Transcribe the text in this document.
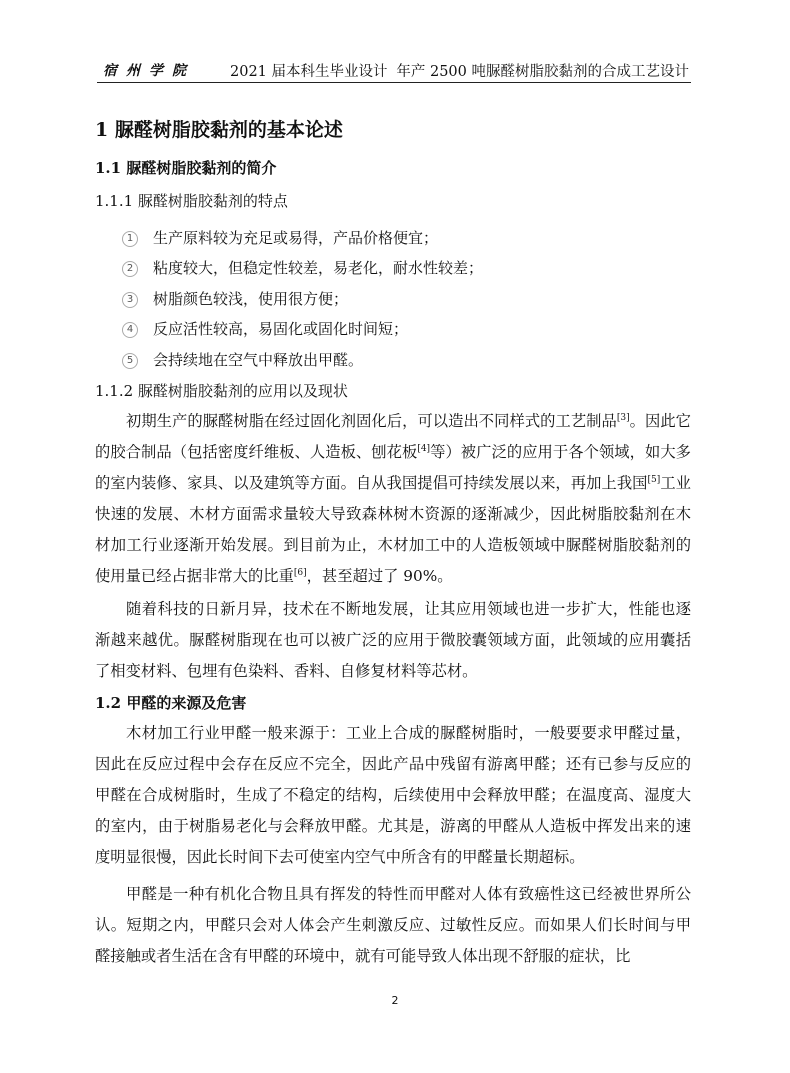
宿州学院 2021 届本科生毕业设计 年产 2500 吨脲醛树脂胶黏剂的合成工艺设计
1 脲醛树脂胶黏剂的基本论述
1.1 脲醛树脂胶黏剂的简介
1.1.1 脲醛树脂胶黏剂的特点
1	生产原料较为充足或易得，产品价格便宜；
2	粘度较大，但稳定性较差，易老化，耐水性较差；
3	树脂颜色较浅，使用很方便；
4	反应活性较高，易固化或固化时间短；
5	会持续地在空气中释放出甲醛。
1.1.2 脲醛树脂胶黏剂的应用以及现状

初期生产的脲醛树脂在经过固化剂固化后，可以造出不同样式的工艺制品[3]。因此它的胶合制品（包括密度纤维板、人造板、刨花板[4]等）被广泛的应用于各个领域，如大多的室内装修、家具、以及建筑等方面。自从我国提倡可持续发展以来，再加上我国[5]工业快速的发展、木材方面需求量较大导致森林树木资源的逐渐减少，因此树脂胶黏剂在木材加工行业逐渐开始发展。到目前为止，木材加工中的人造板领域中脲醛树脂胶黏剂的使用量已经占据非常大的比重[6]，甚至超过了 90%。

随着科技的日新月异，技术在不断地发展，让其应用领域也进一步扩大，性能也逐渐越来越优。脲醛树脂现在也可以被广泛的应用于微胶囊领域方面，此领域的应用囊括了相变材料、包埋有色染料、香料、自修复材料等芯材。

1.2 甲醛的来源及危害

木材加工行业甲醛一般来源于：工业上合成的脲醛树脂时，一般要要求甲醛过量，因此在反应过程中会存在反应不完全，因此产品中残留有游离甲醛；还有已参与反应的甲醛在合成树脂时，生成了不稳定的结构，后续使用中会释放甲醛；在温度高、湿度大的室内，由于树脂易老化与会释放甲醛。尤其是，游离的甲醛从人造板中挥发出来的速度明显很慢，因此长时间下去可使室内空气中所含有的甲醛量长期超标。

甲醛是一种有机化合物且具有挥发的特性而甲醛对人体有致癌性这已经被世界所公认。短期之内，甲醛只会对人体会产生刺激反应、过敏性反应。而如果人们长时间与甲醛接触或者生活在含有甲醛的环境中，就有可能导致人体出现不舒服的症状，比

2
